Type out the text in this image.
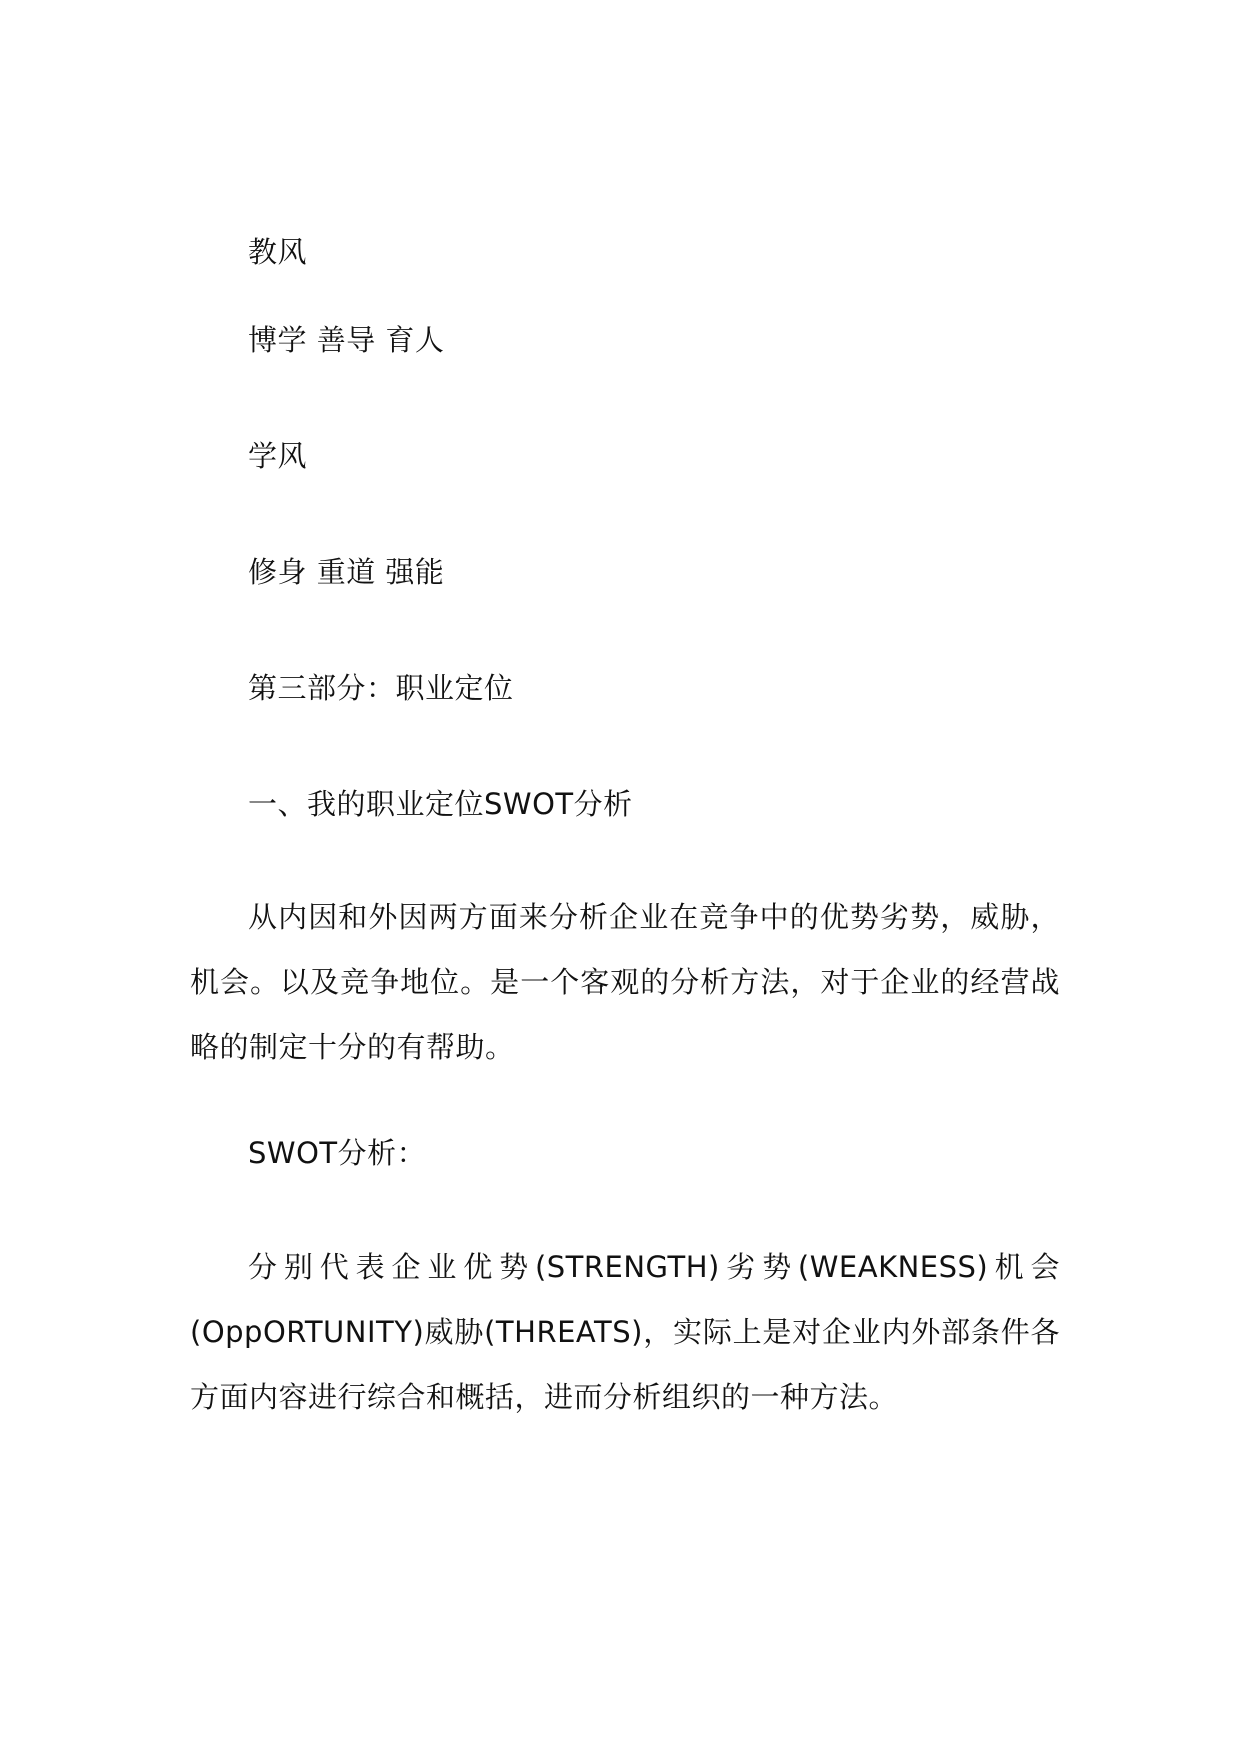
教风
博学 善导 育人
学风
修身 重道 强能
第三部分：职业定位
一、我的职业定位SWOT分析
从内因和外因两方面来分析企业在竞争中的优势劣势，威胁，机会。以及竞争地位。是一个客观的分析方法，对于企业的经营战略的制定十分的有帮助。
SWOT分析：
分别代表企业优势(STRENGTH)劣势(WEAKNESS)机会(OppORTUNITY)威胁(THREATS)，实际上是对企业内外部条件各方面内容进行综合和概括，进而分析组织的一种方法。
